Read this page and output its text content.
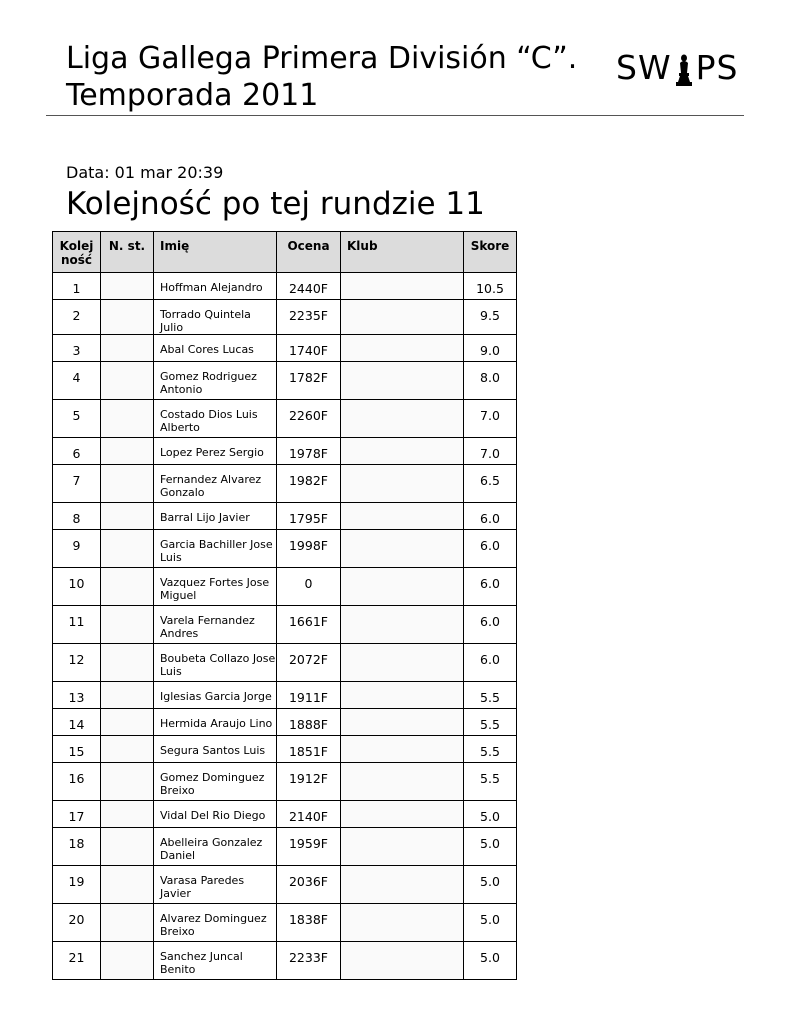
Liga Gallega Primera División “C”.
Temporada 2011
SW PS
Data: 01 mar 20:39
Kolejność po tej rundzie 11
Kolej ność	N. st.	Imię	Ocena	Klub	Skore
1		Hoffman Alejandro	2440F		10.5
2		Torrado Quintela Julio	2235F		9.5
3		Abal Cores Lucas	1740F		9.0
4		Gomez Rodriguez Antonio	1782F		8.0
5		Costado Dios Luis Alberto	2260F		7.0
6		Lopez Perez Sergio	1978F		7.0
7		Fernandez Alvarez Gonzalo	1982F		6.5
8		Barral Lijo Javier	1795F		6.0
9		Garcia Bachiller Jose Luis	1998F		6.0
10		Vazquez Fortes Jose Miguel	0		6.0
11		Varela Fernandez Andres	1661F		6.0
12		Boubeta Collazo Jose Luis	2072F		6.0
13		Iglesias Garcia Jorge	1911F		5.5
14		Hermida Araujo Lino	1888F		5.5
15		Segura Santos Luis	1851F		5.5
16		Gomez Dominguez Breixo	1912F		5.5
17		Vidal Del Rio Diego	2140F		5.0
18		Abelleira Gonzalez Daniel	1959F		5.0
19		Varasa Paredes Javier	2036F		5.0
20		Alvarez Dominguez Breixo	1838F		5.0
21		Sanchez Juncal Benito	2233F		5.0
